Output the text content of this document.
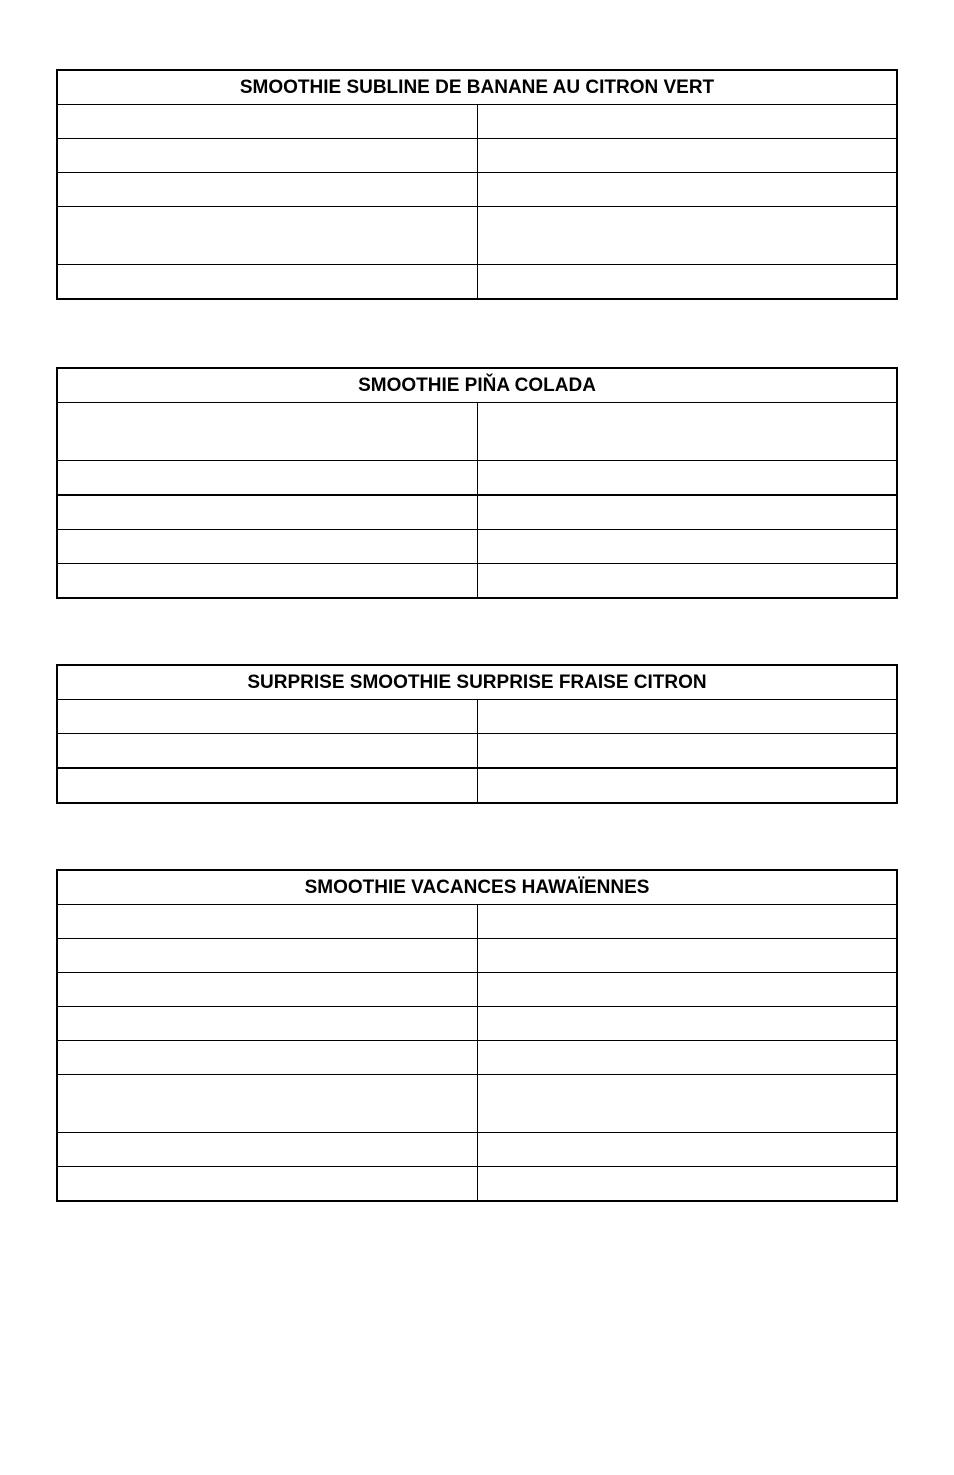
SMOOTHIE SUBLINE DE BANANE AU CITRON VERT	

SMOOTHIE PIŇA COLADA	

SURPRISE SMOOTHIE SURPRISE FRAISE CITRON	

SMOOTHIE VACANCES HAWAÏENNES	
